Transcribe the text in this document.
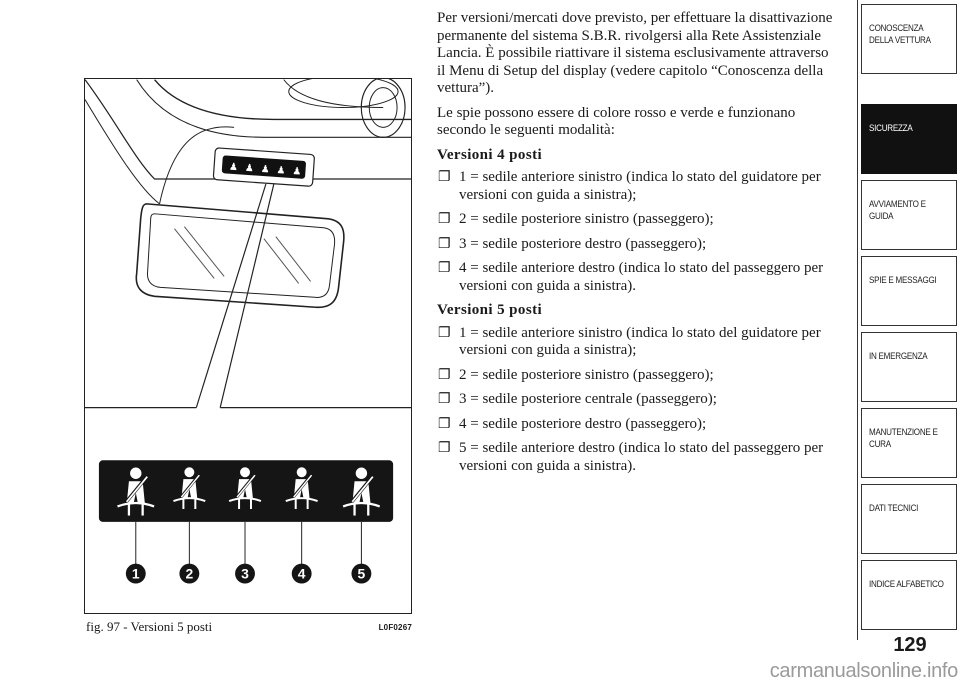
♟ ♟ ♟ ♟ ♟
1	2	3	4	5
fig. 97 - Versioni 5 posti	L0F0267

Per versioni/mercati dove previsto, per effettuare la disattivazione permanente del sistema S.B.R. rivolgersi alla Rete Assistenziale Lancia. È possibile riattivare il sistema esclusivamente attraverso il Menu di Setup del display (vedere capitolo “Conoscenza della vettura”).

Le spie possono essere di colore rosso e verde e funzionano secondo le seguenti modalità:

Versioni 4 posti
❐ 1 = sedile anteriore sinistro (indica lo stato del guidatore per versioni con guida a sinistra);
❐ 2 = sedile posteriore sinistro (passeggero);
❐ 3 = sedile posteriore destro (passeggero);
❐ 4 = sedile anteriore destro (indica lo stato del passeggero per versioni con guida a sinistra).
Versioni 5 posti
❐ 1 = sedile anteriore sinistro (indica lo stato del guidatore per versioni con guida a sinistra);
❐ 2 = sedile posteriore sinistro (passeggero);
❐ 3 = sedile posteriore centrale (passeggero);
❐ 4 = sedile posteriore destro (passeggero);
❐ 5 = sedile anteriore destro (indica lo stato del passeggero per versioni con guida a sinistra).
CONOSCENZA DELLA VETTURA
SICUREZZA
AVVIAMENTO E GUIDA
SPIE E MESSAGGI
IN EMERGENZA
MANUTENZIONE E CURA
DATI TECNICI
INDICE ALFABETICO
129
carmanualsonline.info
